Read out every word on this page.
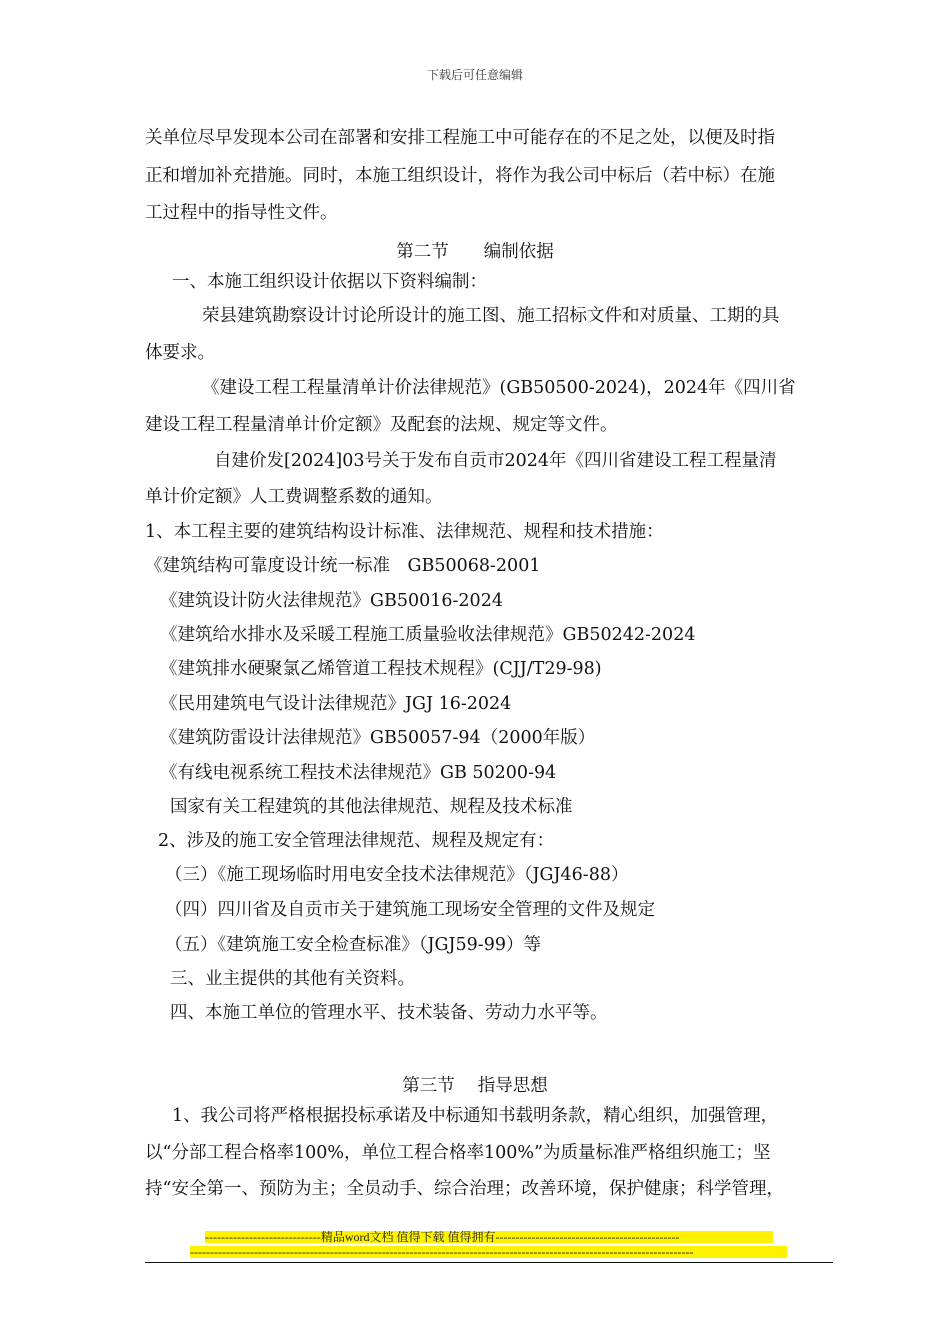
下载后可任意编辑
关单位尽早发现本公司在部署和安排工程施工中可能存在的不足之处，以便及时指
正和增加补充措施。同时，本施工组织设计，将作为我公司中标后（若中标）在施
工过程中的指导性文件。
第二节　　编制依据
一、本施工组织设计依据以下资料编制：
荣县建筑勘察设计讨论所设计的施工图、施工招标文件和对质量、工期的具
体要求。
《建设工程工程量清单计价法律规范》(GB50500-2024)，2024年《四川省
建设工程工程量清单计价定额》及配套的法规、规定等文件。
自建价发[2024]03号关于发布自贡市2024年《四川省建设工程工程量清
单计价定额》人工费调整系数的通知。
1、本工程主要的建筑结构设计标准、法律规范、规程和技术措施：
《建筑结构可靠度设计统一标准　GB50068-2001
《建筑设计防火法律规范》GB50016-2024
《建筑给水排水及采暖工程施工质量验收法律规范》GB50242-2024
《建筑排水硬聚氯乙烯管道工程技术规程》(CJJ/T29-98)
《民用建筑电气设计法律规范》JGJ 16-2024
《建筑防雷设计法律规范》GB50057-94（2000年版）
《有线电视系统工程技术法律规范》GB 50200-94
国家有关工程建筑的其他法律规范、规程及技术标准
2、涉及的施工安全管理法律规范、规程及规定有：
（三）《施工现场临时用电安全技术法律规范》（JGJ46-88）
（四）四川省及自贡市关于建筑施工现场安全管理的文件及规定
（五）《建筑施工安全检查标准》（JGJ59-99）等
三、业主提供的其他有关资料。
四、本施工单位的管理水平、技术装备、劳动力水平等。
第三节　 指导思想
1、我公司将严格根据投标承诺及中标通知书载明条款，精心组织，加强管理，
以“分部工程合格率100%，单位工程合格率100%”为质量标准严格组织施工；坚
持“安全第一、预防为主；全员动手、综合治理；改善环境，保护健康；科学管理，
-----------------------------精品word文档 值得下载 值得拥有----------------------------------------------
------------------------------------------------------------------------------------------------------------------------------
